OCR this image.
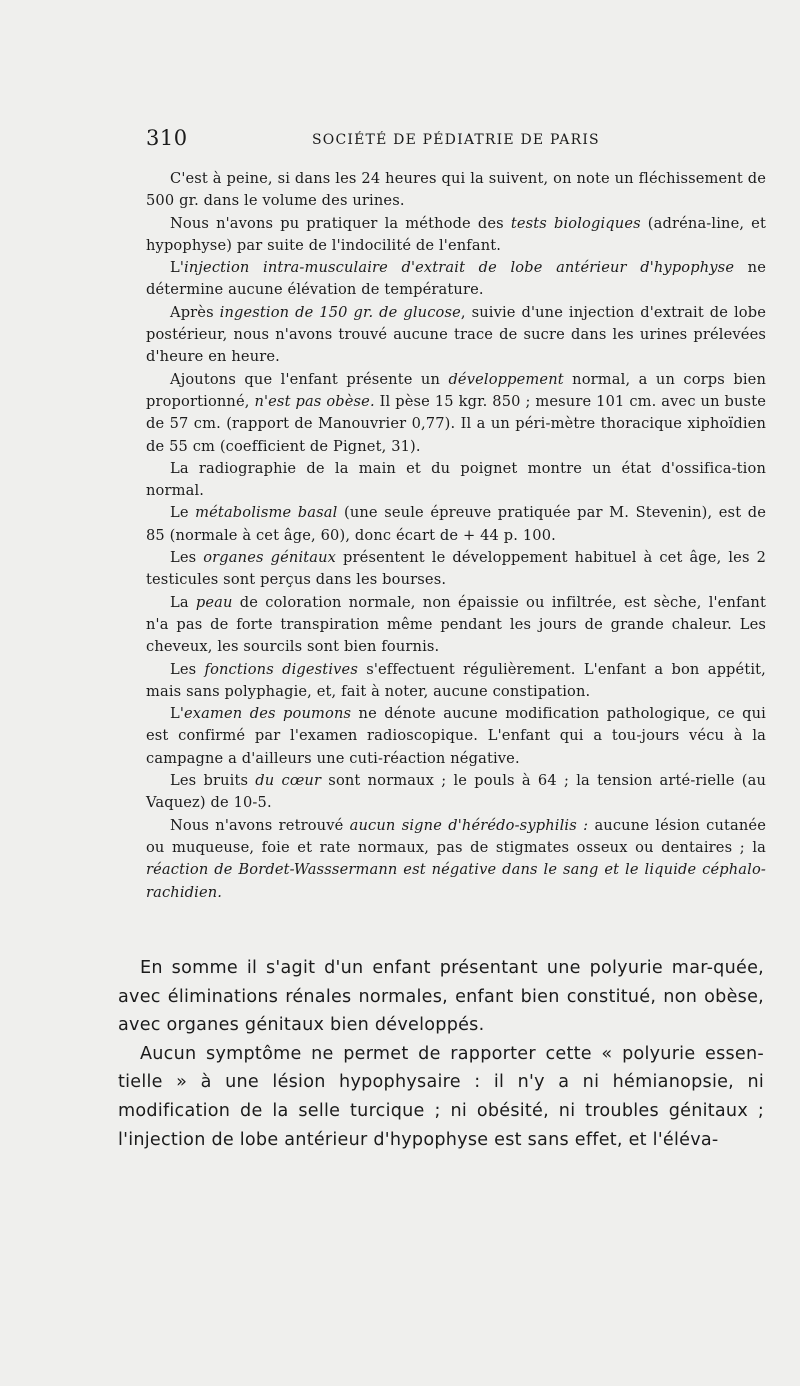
310	SOCIÉTÉ DE PÉDIATRIE DE PARIS

C'est à peine, si dans les 24 heures qui la suivent, on note un fléchissement de 500 gr. dans le volume des urines.

Nous n'avons pu pratiquer la méthode des tests biologiques (adréna-line, et hypophyse) par suite de l'indocilité de l'enfant.

L'injection intra-musculaire d'extrait de lobe antérieur d'hypophyse ne détermine aucune élévation de température.

Après ingestion de 150 gr. de glucose, suivie d'une injection d'extrait de lobe postérieur, nous n'avons trouvé aucune trace de sucre dans les urines prélevées d'heure en heure.

Ajoutons que l'enfant présente un développement normal, a un corps bien proportionné, n'est pas obèse. Il pèse 15 kgr. 850 ; mesure 101 cm. avec un buste de 57 cm. (rapport de Manouvrier 0,77). Il a un péri-mètre thoracique xiphoïdien de 55 cm (coefficient de Pignet, 31).

La radiographie de la main et du poignet montre un état d'ossifica-tion normal.

Le métabolisme basal (une seule épreuve pratiquée par M. Stevenin), est de 85 (normale à cet âge, 60), donc écart de + 44 p. 100.

Les organes génitaux présentent le développement habituel à cet âge, les 2 testicules sont perçus dans les bourses.

La peau de coloration normale, non épaissie ou infiltrée, est sèche, l'enfant n'a pas de forte transpiration même pendant les jours de grande chaleur. Les cheveux, les sourcils sont bien fournis.

Les fonctions digestives s'effectuent régulièrement. L'enfant a bon appétit, mais sans polyphagie, et, fait à noter, aucune constipation.

L'examen des poumons ne dénote aucune modification pathologique, ce qui est confirmé par l'examen radioscopique. L'enfant qui a tou-jours vécu à la campagne a d'ailleurs une cuti-réaction négative.

Les bruits du cœur sont normaux ; le pouls à 64 ; la tension arté-rielle (au Vaquez) de 10-5.

Nous n'avons retrouvé aucun signe d'hérédo-syphilis : aucune lésion cutanée ou muqueuse, foie et rate normaux, pas de stigmates osseux ou dentaires ; la réaction de Bordet-Wasssermann est négative dans le sang et le liquide céphalo-rachidien.

En somme il s'agit d'un enfant présentant une polyurie mar-quée, avec éliminations rénales normales, enfant bien constitué, non obèse, avec organes génitaux bien développés.

Aucun symptôme ne permet de rapporter cette « polyurie essen-tielle » à une lésion hypophysaire : il n'y a ni hémianopsie, ni modification de la selle turcique ; ni obésité, ni troubles génitaux ; l'injection de lobe antérieur d'hypophyse est sans effet, et l'éléva-
